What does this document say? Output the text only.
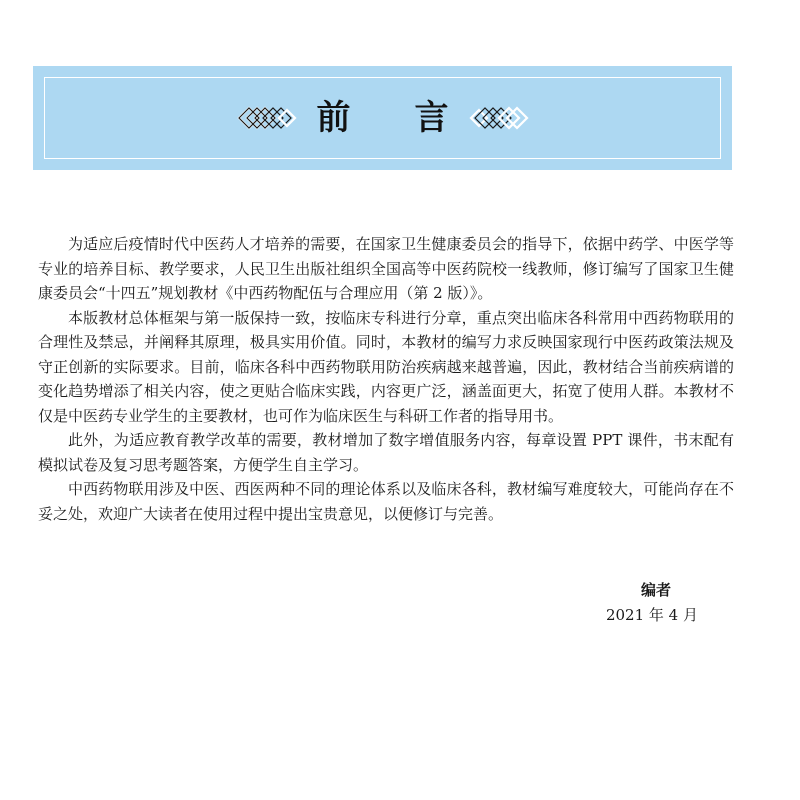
前 言

为适应后疫情时代中医药人才培养的需要，在国家卫生健康委员会的指导下，依据中药学、中医学等专业的培养目标、教学要求，人民卫生出版社组织全国高等中医药院校一线教师，修订编写了国家卫生健康委员会“十四五”规划教材《中西药物配伍与合理应用（第 2 版）》。

本版教材总体框架与第一版保持一致，按临床专科进行分章，重点突出临床各科常用中西药物联用的合理性及禁忌，并阐释其原理，极具实用价值。同时，本教材的编写力求反映国家现行中医药政策法规及守正创新的实际要求。目前，临床各科中西药物联用防治疾病越来越普遍，因此，教材结合当前疾病谱的变化趋势增添了相关内容，使之更贴合临床实践，内容更广泛，涵盖面更大，拓宽了使用人群。本教材不仅是中医药专业学生的主要教材，也可作为临床医生与科研工作者的指导用书。

此外，为适应教育教学改革的需要，教材增加了数字增值服务内容，每章设置 PPT 课件，书末配有模拟试卷及复习思考题答案，方便学生自主学习。

中西药物联用涉及中医、西医两种不同的理论体系以及临床各科，教材编写难度较大，可能尚存在不妥之处，欢迎广大读者在使用过程中提出宝贵意见，以便修订与完善。

编者
2021 年 4 月
